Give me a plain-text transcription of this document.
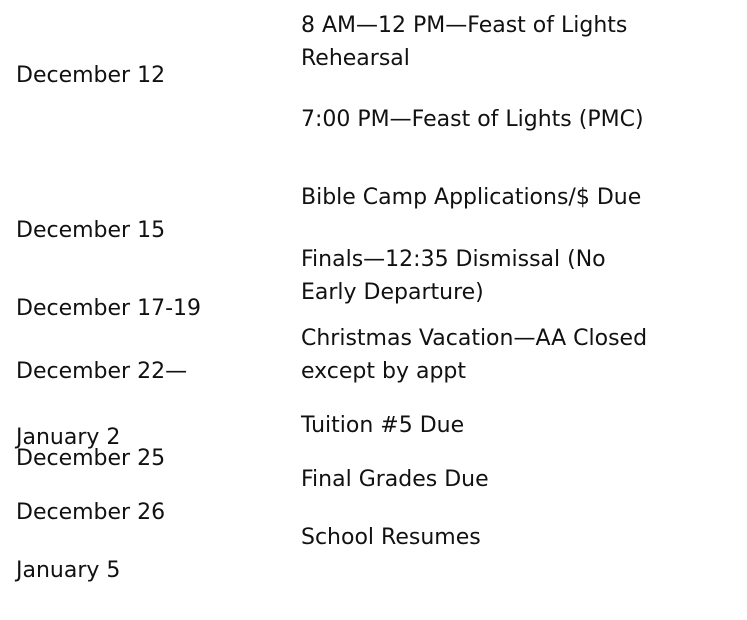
December 12

8 AM—12 PM—Feast of Lights
Rehearsal
7:00 PM—Feast of Lights (PMC)

December 15

Bible Camp Applications/$ Due

December 17-19

Finals—12:35 Dismissal (No
Early Departure)

December 22—

January 2

Christmas Vacation—AA Closed
except by appt

December 25

Tuition #5 Due

December 26

Final Grades Due

January 5

School Resumes
